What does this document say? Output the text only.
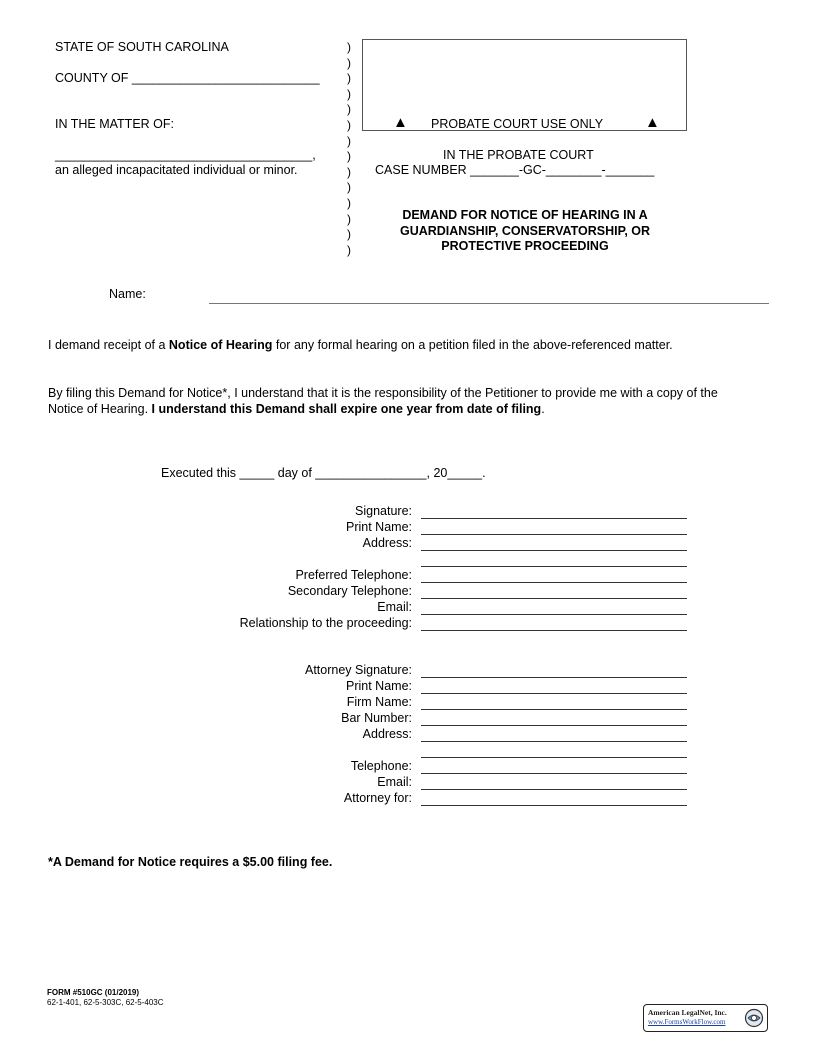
STATE OF SOUTH CAROLINA
COUNTY OF ___________________________
IN THE MATTER OF:
_____________________________________,
an alleged incapacitated individual or minor.
)
)
)
)
)
)
)
)
)
)
)
)
)
)
▲ PROBATE COURT USE ONLY	▲
IN THE PROBATE COURT
CASE NUMBER _______-GC-________-_______
DEMAND FOR NOTICE OF HEARING IN A
GUARDIANSHIP, CONSERVATORSHIP, OR
PROTECTIVE PROCEEDING
Name:
I demand receipt of a Notice of Hearing for any formal hearing on a petition filed in the above-referenced matter.
By filing this Demand for Notice*, I understand that it is the responsibility of the Petitioner to provide me with a copy of the
Notice of Hearing. I understand this Demand shall expire one year from date of filing.
Executed this _____ day of ________________, 20_____.
Signature:
Print Name:
Address:
Preferred Telephone:
Secondary Telephone:
Email:
Relationship to the proceeding:
Attorney Signature:
Print Name:
Firm Name:
Bar Number:
Address:
Telephone:
Email:
Attorney for:
*A Demand for Notice requires a $5.00 filing fee.
FORM #510GC (01/2019)
62-1-401, 62-5-303C, 62-5-403C
American LegalNet, Inc.
www.FormsWorkFlow.com
